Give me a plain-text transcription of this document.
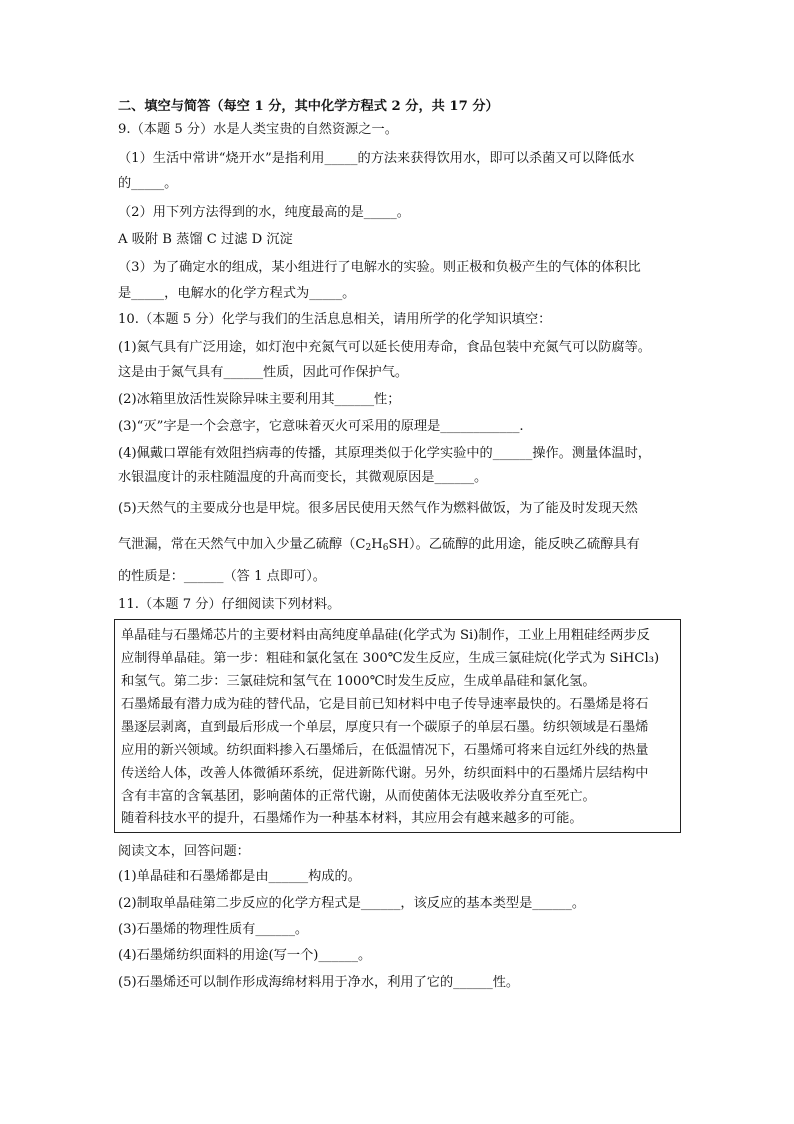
二、填空与简答（每空 1 分，其中化学方程式 2 分，共 17 分）
9.（本题 5 分）水是人类宝贵的自然资源之一。
（1）生活中常讲“烧开水”是指利用_____的方法来获得饮用水，即可以杀菌又可以降低水
的_____。
（2）用下列方法得到的水，纯度最高的是_____。
A 吸附 B 蒸馏 C 过滤 D 沉淀
（3）为了确定水的组成，某小组进行了电解水的实验。则正极和负极产生的气体的体积比
是_____，电解水的化学方程式为_____。
10.（本题 5 分）化学与我们的生活息息相关，请用所学的化学知识填空：
(1)氮气具有广泛用途，如灯泡中充氮气可以延长使用寿命，食品包装中充氮气可以防腐等。
这是由于氮气具有______性质，因此可作保护气。
(2)冰箱里放活性炭除异味主要利用其______性；
(3)“灭”字是一个会意字，它意味着灭火可采用的原理是____________.
(4)佩戴口罩能有效阻挡病毒的传播，其原理类似于化学实验中的______操作。测量体温时，
水银温度计的汞柱随温度的升高而变长，其微观原因是______。
(5)天然气的主要成分也是甲烷。很多居民使用天然气作为燃料做饭，为了能及时发现天然
气泄漏，常在天然气中加入少量乙硫醇$(C_2H_6SH)$。乙硫醇的此用途，能反映乙硫醇具有
的性质是：______（答 1 点即可）。
11.（本题 7 分）仔细阅读下列材料。
单晶硅与石墨烯芯片的主要材料由高纯度单晶硅(化学式为 Si)制作，工业上用粗硅经两步反
应制得单晶硅。第一步：粗硅和氯化氢在 300℃发生反应，生成三氯硅烷(化学式为 SiHCl₃)
和氢气。第二步：三氯硅烷和氢气在 1000℃时发生反应，生成单晶硅和氯化氢。
石墨烯最有潜力成为硅的替代品，它是目前已知材料中电子传导速率最快的。石墨烯是将石
墨逐层剥离，直到最后形成一个单层，厚度只有一个碳原子的单层石墨。纺织领域是石墨烯
应用的新兴领域。纺织面料掺入石墨烯后，在低温情况下，石墨烯可将来自远红外线的热量
传送给人体，改善人体微循环系统，促进新陈代谢。另外，纺织面料中的石墨烯片层结构中
含有丰富的含氧基团，影响菌体的正常代谢，从而使菌体无法吸收养分直至死亡。
随着科技水平的提升，石墨烯作为一种基本材料，其应用会有越来越多的可能。
阅读文本，回答问题：
(1)单晶硅和石墨烯都是由______构成的。
(2)制取单晶硅第二步反应的化学方程式是______，该反应的基本类型是______。
(3)石墨烯的物理性质有______。
(4)石墨烯纺织面料的用途(写一个)______。
(5)石墨烯还可以制作形成海绵材料用于净水，利用了它的______性。
